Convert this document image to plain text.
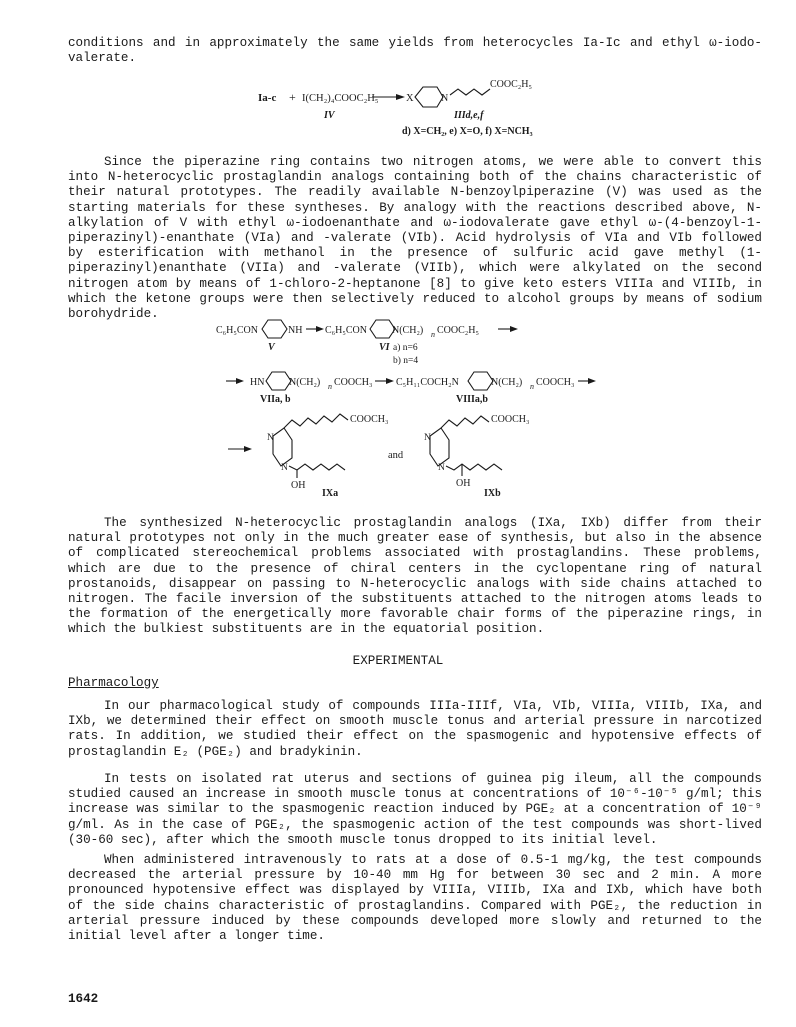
conditions and in approximately the same yields from heterocycles Ia-Ic and ethyl ω-iodo-valerate.
Ia-c + I(CH₂)₄COOC₂H₅
IV
X	N
COOC₂H₅
IIId,e,f
d) X=CH₂, e) X=O, f) X=NCH₃
Since the piperazine ring contains two nitrogen atoms, we were able to convert this into N-heterocyclic prostaglandin analogs containing both of the chains characteristic of their natural prototypes. The readily available N-benzoylpiperazine (V) was used as the starting materials for these syntheses. By analogy with the reactions described above, N-alkylation of V with ethyl ω-iodoenanthate and ω-iodovalerate gave ethyl ω-(4-benzoyl-1-piperazinyl)-enanthate (VIa) and -valerate (VIb). Acid hydrolysis of VIa and VIb followed by esterification with methanol in the presence of sulfuric acid gave methyl (1-piperazinyl)enanthate (VIIa) and -valerate (VIIb), which were alkylated on the second nitrogen atom by means of 1-chloro-2-heptanone [8] to give keto esters VIIIa and VIIIb, in which the ketone groups were then selectively reduced to alcohol groups by means of sodium borohydride.
C₆H₅CON	NH
V
C₆H₅CON	N(CH₂) n COOC₂H₅
VI a) n=6
b) n=4
HN N(CH₂) n COOCH₃
VIIa, b
C₅H₁₁COCH₂N	N(CH₂) n COOCH₃
VIIIa,b
N
N
COOCH₃
OH
IXa
and
N
N
COOCH₃
OH
IXb
The synthesized N-heterocyclic prostaglandin analogs (IXa, IXb) differ from their natural prototypes not only in the much greater ease of synthesis, but also in the absence of complicated stereochemical problems associated with prostaglandins. These problems, which are due to the presence of chiral centers in the cyclopentane ring of natural prostanoids, disappear on passing to N-heterocyclic analogs with side chains attached to nitrogen. The facile inversion of the substituents attached to the nitrogen atoms leads to the formation of the energetically more favorable chair forms of the piperazine rings, in which the bulkiest substituents are in the equatorial position.
EXPERIMENTAL
Pharmacology
In our pharmacological study of compounds IIIa-IIIf, VIa, VIb, VIIIa, VIIIb, IXa, and IXb, we determined their effect on smooth muscle tonus and arterial pressure in narcotized rats. In addition, we studied their effect on the spasmogenic and hypotensive effects of prostaglandin E₂ (PGE₂) and bradykinin.
In tests on isolated rat uterus and sections of guinea pig ileum, all the compounds studied caused an increase in smooth muscle tonus at concentrations of 10⁻⁶-10⁻⁵ g/ml; this increase was similar to the spasmogenic reaction induced by PGE₂ at a concentration of 10⁻⁹ g/ml. As in the case of PGE₂, the spasmogenic action of the test compounds was short-lived (30-60 sec), after which the smooth muscle tonus dropped to its initial level.
When administered intravenously to rats at a dose of 0.5-1 mg/kg, the test compounds decreased the arterial pressure by 10-40 mm Hg for between 30 sec and 2 min. A more pronounced hypotensive effect was displayed by VIIIa, VIIIb, IXa and IXb, which have both of the side chains characteristic of prostaglandins. Compared with PGE₂, the reduction in arterial pressure induced by these compounds developed more slowly and returned to the initial level after a longer time.
1642
